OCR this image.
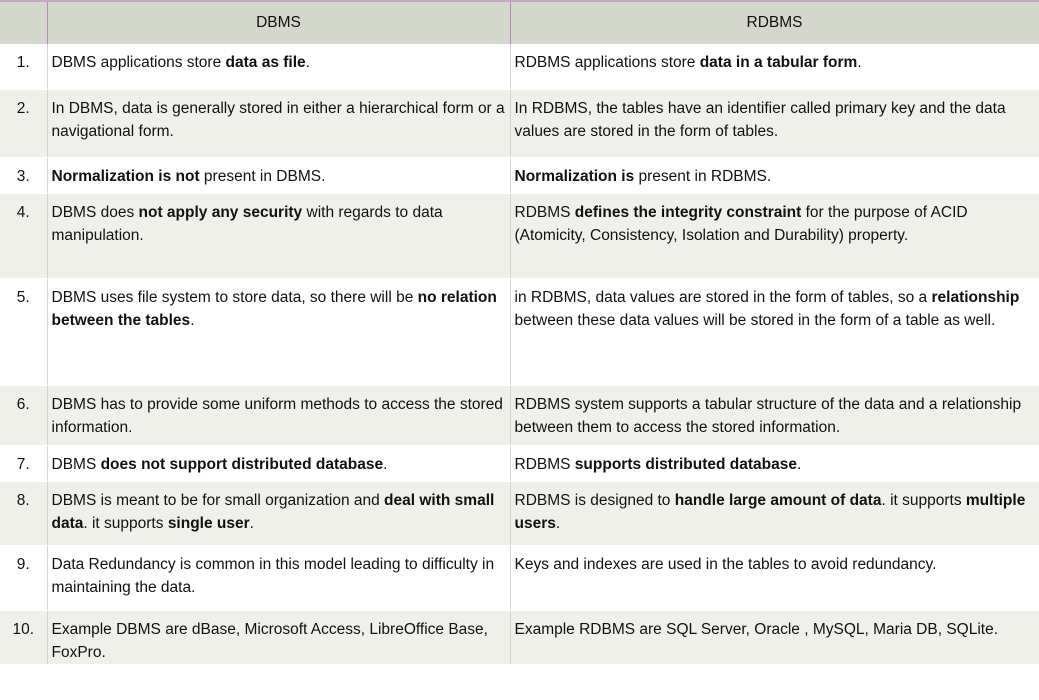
	DBMS	RDBMS
1.	DBMS applications store data as file.	RDBMS applications store data in a tabular form.
2.	In DBMS, data is generally stored in either a hierarchical form or a navigational form.	In RDBMS, the tables have an identifier called primary key and the data values are stored in the form of tables.
3.	Normalization is not present in DBMS.	Normalization is present in RDBMS.
4.	DBMS does not apply any security with regards to data manipulation.	RDBMS defines the integrity constraint for the purpose of ACID (Atomicity, Consistency, Isolation and Durability) property.
5.	DBMS uses file system to store data, so there will be no relation between the tables.	in RDBMS, data values are stored in the form of tables, so a relationship between these data values will be stored in the form of a table as well.
6.	DBMS has to provide some uniform methods to access the stored information.	RDBMS system supports a tabular structure of the data and a relationship between them to access the stored information.
7.	DBMS does not support distributed database.	RDBMS supports distributed database.
8.	DBMS is meant to be for small organization and deal with small data. it supports single user.	RDBMS is designed to handle large amount of data. it supports multiple users.
9.	Data Redundancy is common in this model leading to difficulty in maintaining the data.	Keys and indexes are used in the tables to avoid redundancy.
10.	Example DBMS are dBase, Microsoft Access, LibreOffice Base, FoxPro.	Example RDBMS are SQL Server, Oracle , MySQL, Maria DB, SQLite.
